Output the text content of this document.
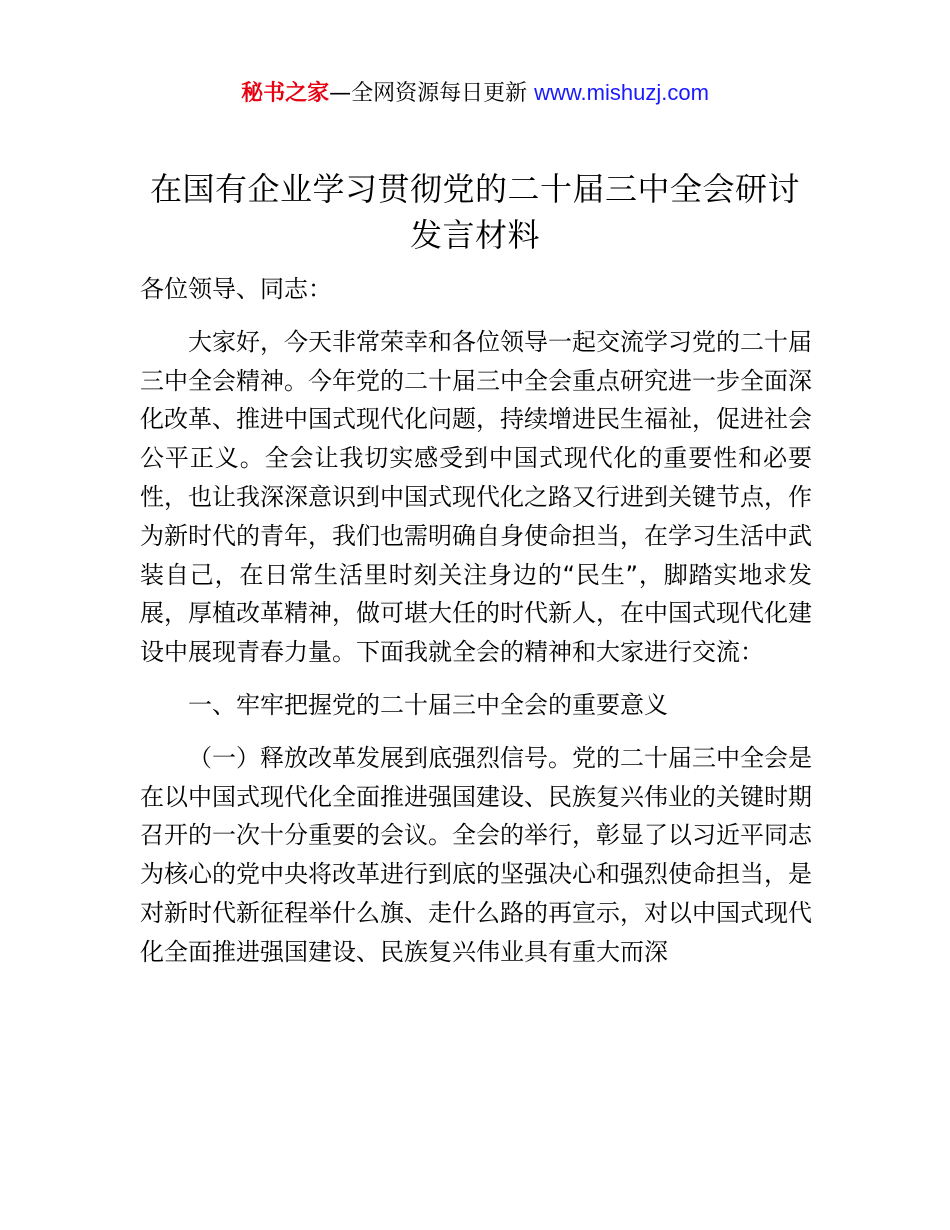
秘书之家—全网资源每日更新 www.mishuzj.com
在国有企业学习贯彻党的二十届三中全会研讨
发言材料

各位领导、同志：

大家好，今天非常荣幸和各位领导一起交流学习党的二十届三中全会精神。今年党的二十届三中全会重点研究进一步全面深化改革、推进中国式现代化问题，持续增进民生福祉，促进社会公平正义。全会让我切实感受到中国式现代化的重要性和必要性，也让我深深意识到中国式现代化之路又行进到关键节点，作为新时代的青年，我们也需明确自身使命担当，在学习生活中武装自己，在日常生活里时刻关注身边的“民生”，脚踏实地求发展，厚植改革精神，做可堪大任的时代新人，在中国式现代化建设中展现青春力量。下面我就全会的精神和大家进行交流：

一、牢牢把握党的二十届三中全会的重要意义

（一）释放改革发展到底强烈信号。党的二十届三中全会是在以中国式现代化全面推进强国建设、民族复兴伟业的关键时期召开的一次十分重要的会议。全会的举行，彰显了以习近平同志为核心的党中央将改革进行到底的坚强决心和强烈使命担当，是对新时代新征程举什么旗、走什么路的再宣示，对以中国式现代化全面推进强国建设、民族复兴伟业具有重大而深
